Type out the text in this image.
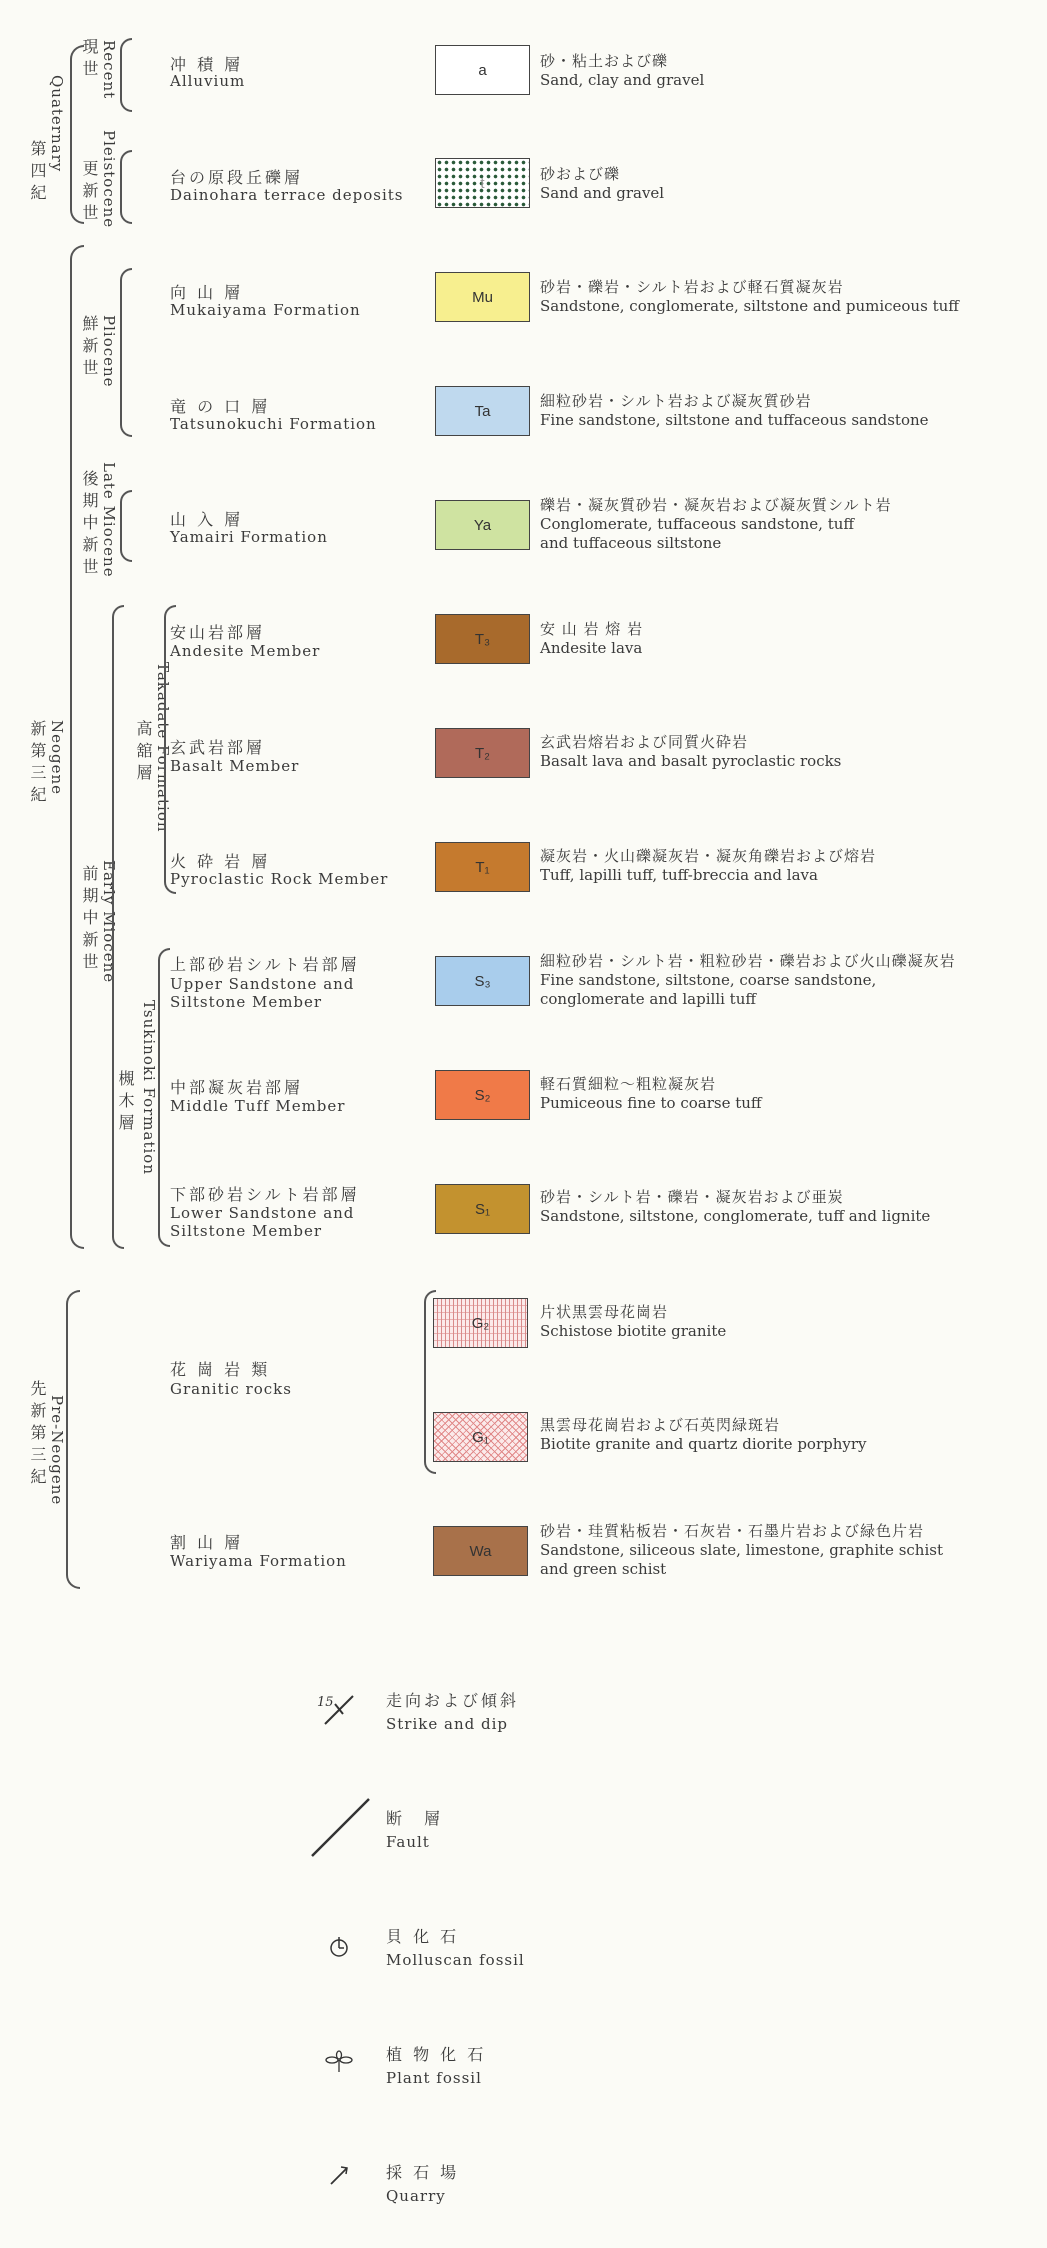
第四紀
Quaternary
新第三紀 Neogene
先新第三紀 Pre-Neogene
現世 Recent
更新世 Pleistocene
鮮新世 Pliocene
後期中新世 Late Miocene
前期中新世 Early Miocene
高舘層 Takadate Formation
槻木層 Tsukinoki Formation
冲 積 層
Alluvium
台の原段丘礫層
Dainohara terrace deposits
向 山 層
Mukaiyama Formation
竜 の 口 層
Tatsunokuchi Formation
山 入 層
Yamairi Formation
安山岩部層
Andesite Member
玄武岩部層
Basalt Member
火 砕 岩 層
Pyroclastic Rock Member
上部砂岩シルト岩部層
Upper Sandstone and
Siltstone Member
中部凝灰岩部層
Middle Tuff Member
下部砂岩シルト岩部層
Lower Sandstone and
Siltstone Member
花 崗 岩 類
Granitic rocks
割 山 層
Wariyama Formation
a
t
Mu
Ta
Ya
T₃
T₂
T₁
S₃
S₂
S₁
G₂
G₁
Wa
砂・粘土および礫
Sand, clay and gravel
砂および礫
Sand and gravel
砂岩・礫岩・シルト岩および軽石質凝灰岩
Sandstone, conglomerate, siltstone and pumiceous tuff
細粒砂岩・シルト岩および凝灰質砂岩
Fine sandstone, siltstone and tuffaceous sandstone
礫岩・凝灰質砂岩・凝灰岩および凝灰質シルト岩
Conglomerate, tuffaceous sandstone, tuff
and tuffaceous siltstone
安 山 岩 熔 岩
Andesite lava
玄武岩熔岩および同質火砕岩
Basalt lava and basalt pyroclastic rocks
凝灰岩・火山礫凝灰岩・凝灰角礫岩および熔岩
Tuff, lapilli tuff, tuff-breccia and lava
細粒砂岩・シルト岩・粗粒砂岩・礫岩および火山礫凝灰岩
Fine sandstone, siltstone, coarse sandstone,
conglomerate and lapilli tuff
軽石質細粒〜粗粒凝灰岩
Pumiceous fine to coarse tuff
砂岩・シルト岩・礫岩・凝灰岩および亜炭
Sandstone, siltstone, conglomerate, tuff and lignite
片状黒雲母花崗岩
Schistose biotite granite
黒雲母花崗岩および石英閃緑斑岩
Biotite granite and quartz diorite porphyry
砂岩・珪質粘板岩・石灰岩・石墨片岩および緑色片岩
Sandstone, siliceous slate, limestone, graphite schist
and green schist
15	走向および傾斜
Strike and dip
断　層
Fault
貝 化 石
Molluscan fossil
植 物 化 石
Plant fossil
採 石 場
Quarry
